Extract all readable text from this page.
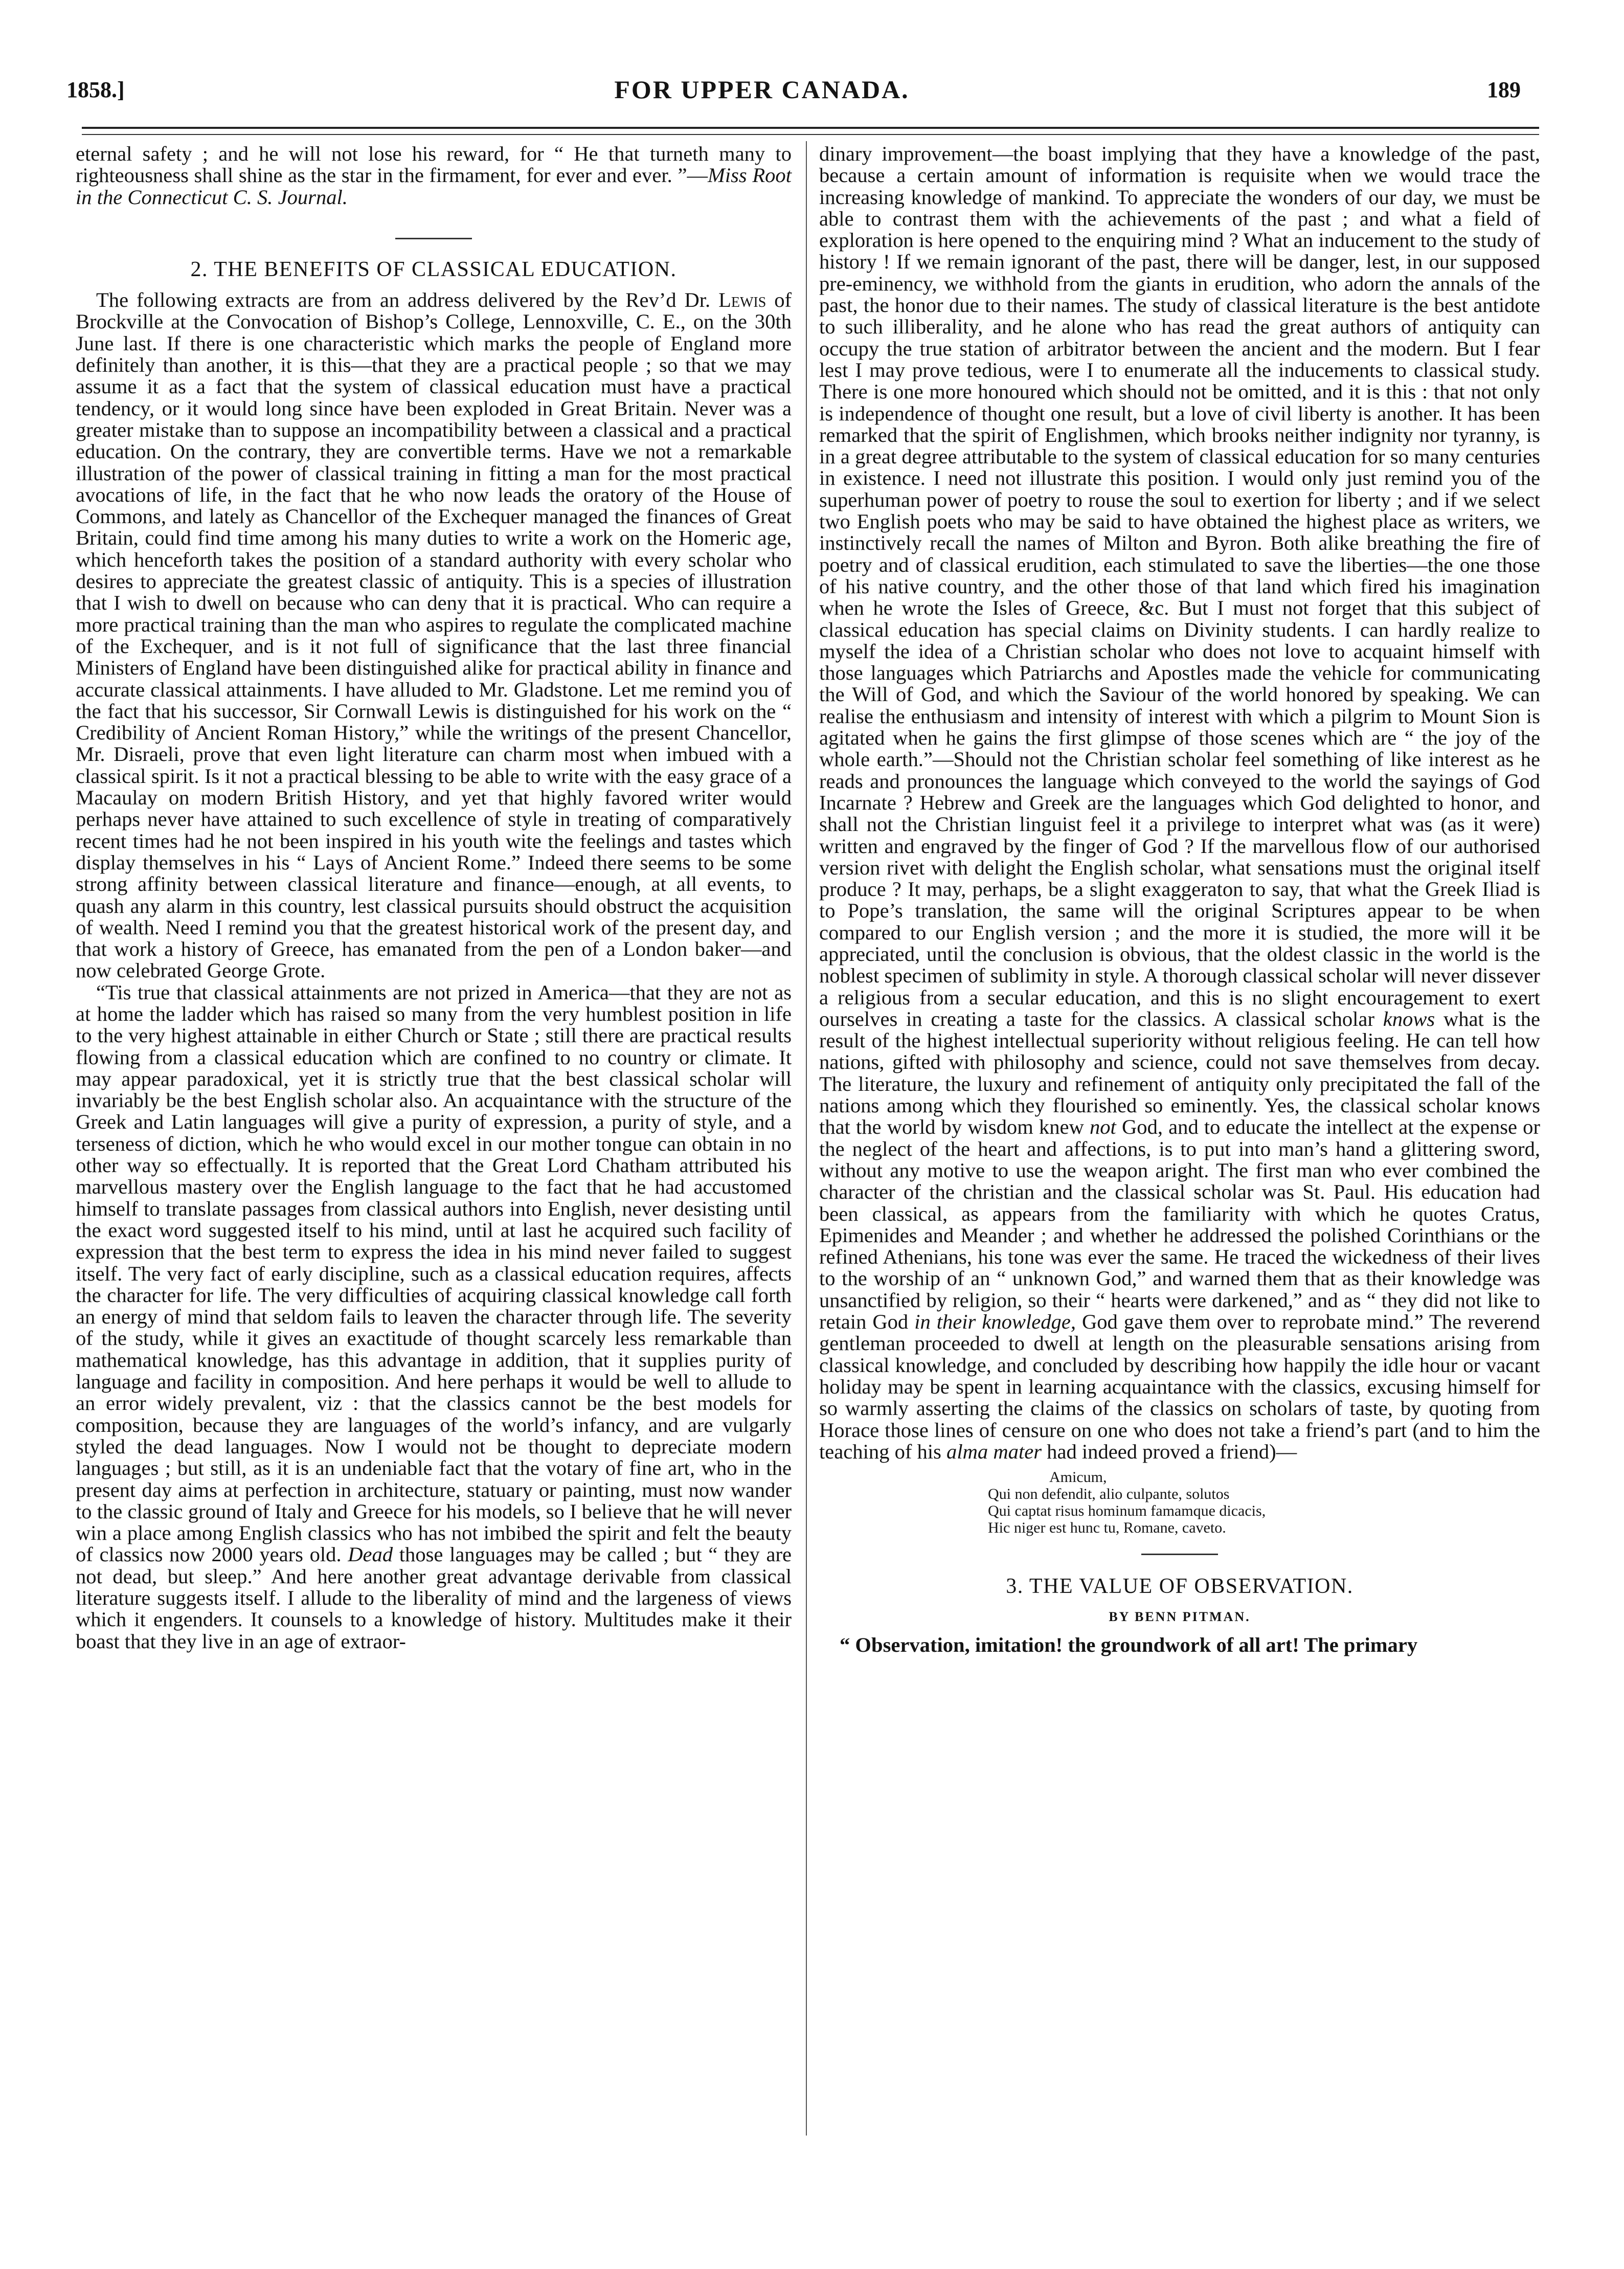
1858.]	FOR UPPER CANADA.	189

eternal safety ; and he will not lose his reward, for “ He that turneth many to righteousness shall shine as the star in the firmament, for ever and ever. ”—Miss Root in the Connecticut C. S. Journal.

2. THE BENEFITS OF CLASSICAL EDUCATION.

The following extracts are from an address delivered by the Rev’d Dr. Lewis of Brockville at the Convocation of Bishop’s College, Lennoxville, C. E., on the 30th June last. If there is one characteristic which marks the people of England more definitely than another, it is this—that they are a practical people ; so that we may assume it as a fact that the system of classical education must have a practical tendency, or it would long since have been exploded in Great Britain. Never was a greater mistake than to suppose an incompatibility between a classical and a practical education. On the contrary, they are convertible terms. Have we not a remarkable illustration of the power of classical training in fitting a man for the most practical avocations of life, in the fact that he who now leads the oratory of the House of Commons, and lately as Chancellor of the Exchequer managed the finances of Great Britain, could find time among his many duties to write a work on the Homeric age, which henceforth takes the position of a standard authority with every scholar who desires to appreciate the greatest classic of antiquity. This is a species of illustration that I wish to dwell on because who can deny that it is practical. Who can require a more practical training than the man who aspires to regulate the complicated machine of the Exchequer, and is it not full of significance that the last three financial Ministers of England have been distinguished alike for practical ability in finance and accurate classical attainments. I have alluded to Mr. Gladstone. Let me remind you of the fact that his successor, Sir Cornwall Lewis is distinguished for his work on the “ Credibility of Ancient Roman History,” while the writings of the present Chancellor, Mr. Disraeli, prove that even light literature can charm most when imbued with a classical spirit. Is it not a practical blessing to be able to write with the easy grace of a Macaulay on modern British History, and yet that highly favored writer would perhaps never have attained to such excellence of style in treating of comparatively recent times had he not been inspired in his youth wite the feelings and tastes which display themselves in his “ Lays of Ancient Rome.” Indeed there seems to be some strong affinity between classical literature and finance—enough, at all events, to quash any alarm in this country, lest classical pursuits should obstruct the acquisition of wealth. Need I remind you that the greatest historical work of the present day, and that work a history of Greece, has emanated from the pen of a London baker—and now celebrated George Grote.

“Tis true that classical attainments are not prized in America—that they are not as at home the ladder which has raised so many from the very humblest position in life to the very highest attainable in either Church or State ; still there are practical results flowing from a classical education which are confined to no country or climate. It may appear paradoxical, yet it is strictly true that the best classical scholar will invariably be the best English scholar also. An acquaintance with the structure of the Greek and Latin languages will give a purity of expression, a purity of style, and a terseness of diction, which he who would excel in our mother tongue can obtain in no other way so effectually. It is reported that the Great Lord Chatham attributed his marvellous mastery over the English language to the fact that he had accustomed himself to translate passages from classical authors into English, never desisting until the exact word suggested itself to his mind, until at last he acquired such facility of expression that the best term to express the idea in his mind never failed to suggest itself. The very fact of early discipline, such as a classical education requires, affects the character for life. The very difficulties of acquiring classical knowledge call forth an energy of mind that seldom fails to leaven the character through life. The severity of the study, while it gives an exactitude of thought scarcely less remarkable than mathematical knowledge, has this advantage in addition, that it supplies purity of language and facility in composition. And here perhaps it would be well to allude to an error widely prevalent, viz : that the classics cannot be the best models for composition, because they are languages of the world’s infancy, and are vulgarly styled the dead languages. Now I would not be thought to depreciate modern languages ; but still, as it is an undeniable fact that the votary of fine art, who in the present day aims at perfection in architecture, statuary or painting, must now wander to the classic ground of Italy and Greece for his models, so I believe that he will never win a place among English classics who has not imbibed the spirit and felt the beauty of classics now 2000 years old. Dead those languages may be called ; but “ they are not dead, but sleep.” And here another great advantage derivable from classical literature suggests itself. I allude to the liberality of mind and the largeness of views which it engenders. It counsels to a knowledge of history. Multitudes make it their boast that they live in an age of extraor-

dinary improvement—the boast implying that they have a knowledge of the past, because a certain amount of information is requisite when we would trace the increasing knowledge of mankind. To appreciate the wonders of our day, we must be able to contrast them with the achievements of the past ; and what a field of exploration is here opened to the enquiring mind ? What an inducement to the study of history ! If we remain ignorant of the past, there will be danger, lest, in our supposed pre-eminency, we withhold from the giants in erudition, who adorn the annals of the past, the honor due to their names. The study of classical literature is the best antidote to such illiberality, and he alone who has read the great authors of antiquity can occupy the true station of arbitrator between the ancient and the modern. But I fear lest I may prove tedious, were I to enumerate all the inducements to classical study. There is one more honoured which should not be omitted, and it is this : that not only is independence of thought one result, but a love of civil liberty is another. It has been remarked that the spirit of Englishmen, which brooks neither indignity nor tyranny, is in a great degree attributable to the system of classical education for so many centuries in existence. I need not illustrate this position. I would only just remind you of the superhuman power of poetry to rouse the soul to exertion for liberty ; and if we select two English poets who may be said to have obtained the highest place as writers, we instinctively recall the names of Milton and Byron. Both alike breathing the fire of poetry and of classical erudition, each stimulated to save the liberties—the one those of his native country, and the other those of that land which fired his imagination when he wrote the Isles of Greece, &c. But I must not forget that this subject of classical education has special claims on Divinity students. I can hardly realize to myself the idea of a Christian scholar who does not love to acquaint himself with those languages which Patriarchs and Apostles made the vehicle for communicating the Will of God, and which the Saviour of the world honored by speaking. We can realise the enthusiasm and intensity of interest with which a pilgrim to Mount Sion is agitated when he gains the first glimpse of those scenes which are “ the joy of the whole earth.”—Should not the Christian scholar feel something of like interest as he reads and pronounces the language which conveyed to the world the sayings of God Incarnate ? Hebrew and Greek are the languages which God delighted to honor, and shall not the Christian linguist feel it a privilege to interpret what was (as it were) written and engraved by the finger of God ? If the marvellous flow of our authorised version rivet with delight the English scholar, what sensations must the original itself produce ? It may, perhaps, be a slight exaggeraton to say, that what the Greek Iliad is to Pope’s translation, the same will the original Scriptures appear to be when compared to our English version ; and the more it is studied, the more will it be appreciated, until the conclusion is obvious, that the oldest classic in the world is the noblest specimen of sublimity in style. A thorough classical scholar will never dissever a religious from a secular education, and this is no slight encouragement to exert ourselves in creating a taste for the classics. A classical scholar knows what is the result of the highest intellectual superiority without religious feeling. He can tell how nations, gifted with philosophy and science, could not save themselves from decay. The literature, the luxury and refinement of antiquity only precipitated the fall of the nations among which they flourished so eminently. Yes, the classical scholar knows that the world by wisdom knew not God, and to educate the intellect at the expense or the neglect of the heart and affections, is to put into man’s hand a glittering sword, without any motive to use the weapon aright. The first man who ever combined the character of the christian and the classical scholar was St. Paul. His education had been classical, as appears from the familiarity with which he quotes Cratus, Epimenides and Meander ; and whether he addressed the polished Corinthians or the refined Athenians, his tone was ever the same. He traced the wickedness of their lives to the worship of an “ unknown God,” and warned them that as their knowledge was unsanctified by religion, so their “ hearts were darkened,” and as “ they did not like to retain God in their knowledge, God gave them over to reprobate mind.” The reverend gentleman proceeded to dwell at length on the pleasurable sensations arising from classical knowledge, and concluded by describing how happily the idle hour or vacant holiday may be spent in learning acquaintance with the classics, excusing himself for so warmly asserting the claims of the classics on scholars of taste, by quoting from Horace those lines of censure on one who does not take a friend’s part (and to him the teaching of his alma mater had indeed proved a friend)—

Amicum,
Qui non defendit, alio culpante, solutos
Qui captat risus hominum famamque dicacis,
Hic niger est hunc tu, Romane, caveto.
3. THE VALUE OF OBSERVATION.
BY BENN PITMAN.

“ Observation, imitation! the groundwork of all art! The primary
